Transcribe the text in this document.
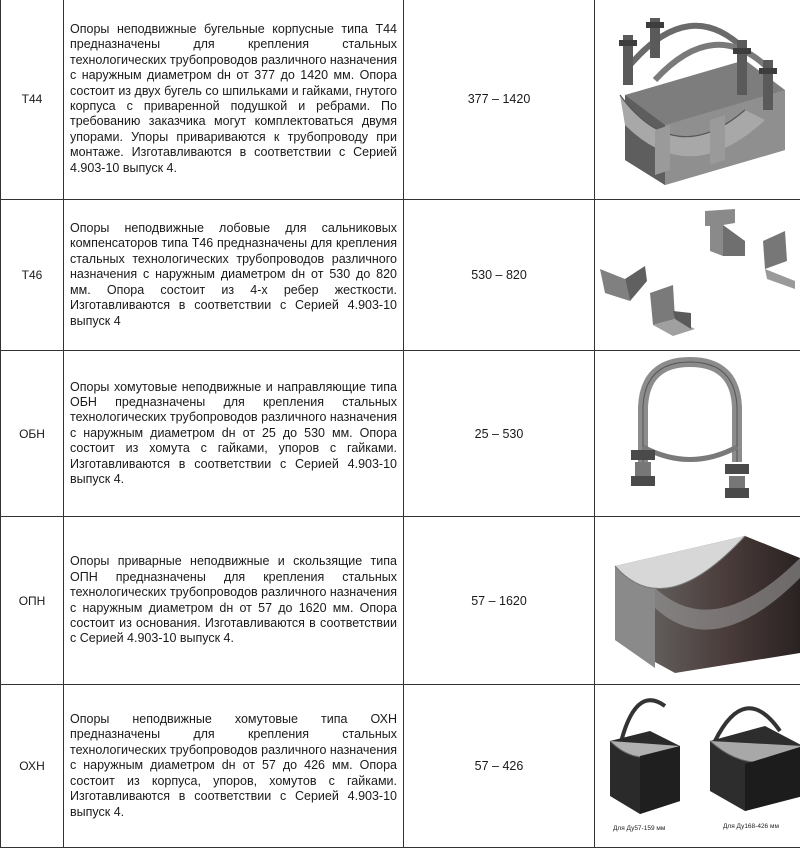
Т44	Опоры неподвижные бугельные корпусные типа Т44 предназначены для крепления стальных технологических трубопроводов различного назначения с наружным диаметром dн от 377 до 1420 мм. Опора состоит из двух бугель со шпильками и гайками, гнутого корпуса с приваренной подушкой и ребрами. По требованию заказчика могут комплектоваться двумя упорами. Упоры привариваются к трубопроводу при монтаже. Изготавливаются в соответствии с Серией 4.903-10 выпуск 4.	377 – 1420	

Т46	Опоры неподвижные лобовые для сальниковых компенсаторов типа Т46 предназначены для крепления стальных технологических трубопроводов различного назначения с наружным диаметром dн от 530 до 820 мм. Опора состоит из 4-х ребер жесткости. Изготавливаются в соответствии с Серией 4.903-10 выпуск 4	530 – 820	

ОБН	Опоры хомутовые неподвижные и направляющие типа ОБН предназначены для крепления стальных технологических трубопроводов различного назначения с наружным диаметром dн от 25 до 530 мм. Опора состоит из хомута с гайками, упоров с гайками. Изготавливаются в соответствии с Серией 4.903-10 выпуск 4.	25 – 530	

ОПН	Опоры приварные неподвижные и скользящие типа ОПН предназначены для крепления стальных технологических трубопроводов различного назначения с наружным диаметром dн от 57 до 1620 мм. Опора состоит из основания. Изготавливаются в соответствии с Серией 4.903-10 выпуск 4.	57 – 1620	

ОХН	Опоры неподвижные хомутовые типа ОХН предназначены для крепления стальных технологических трубопроводов различного назначения с наружным диаметром dн от 57 до 426 мм. Опора состоит из корпуса, упоров, хомутов с гайками. Изготавливаются в соответствии с Серией 4.903-10 выпуск 4.	57 – 426	Для Ду57-159 мм Для Ду168-426 мм
